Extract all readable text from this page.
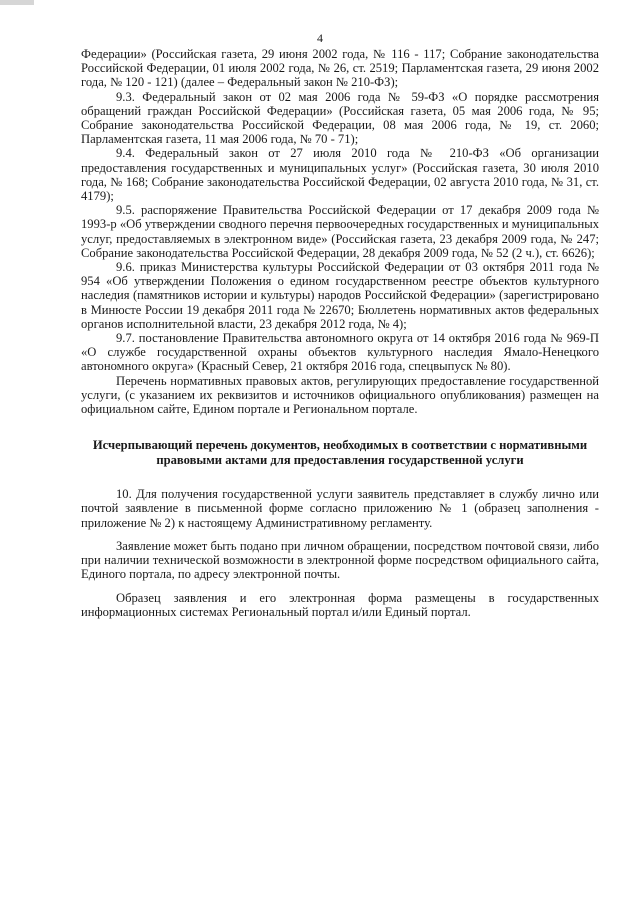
4

Федерации» (Российская газета, 29 июня 2002 года, № 116 - 117; Собрание законодательства Российской Федерации, 01 июля 2002 года, № 26, ст. 2519; Парламентская газета, 29 июня 2002 года, № 120 - 121) (далее – Федеральный закон № 210-ФЗ);

9.3. Федеральный закон от 02 мая 2006 года № 59-ФЗ «О порядке рассмотрения обращений граждан Российской Федерации» (Российская газета, 05 мая 2006 года, № 95; Собрание законодательства Российской Федерации, 08 мая 2006 года, № 19, ст. 2060; Парламентская газета, 11 мая 2006 года, № 70 - 71);

9.4. Федеральный закон от 27 июля 2010 года № 210-ФЗ «Об организации предоставления государственных и муниципальных услуг» (Российская газета, 30 июля 2010 года, № 168; Собрание законодательства Российской Федерации, 02 августа 2010 года, № 31, ст. 4179);

9.5. распоряжение Правительства Российской Федерации от 17 декабря 2009 года № 1993-р «Об утверждении сводного перечня первоочередных государственных и муниципальных услуг, предоставляемых в электронном виде» (Российская газета, 23 декабря 2009 года, № 247; Собрание законодательства Российской Федерации, 28 декабря 2009 года, № 52 (2 ч.), ст. 6626);

9.6. приказ Министерства культуры Российской Федерации от 03 октября 2011 года № 954 «Об утверждении Положения о едином государственном реестре объектов культурного наследия (памятников истории и культуры) народов Российской Федерации» (зарегистрировано в Минюсте России 19 декабря 2011 года № 22670; Бюллетень нормативных актов федеральных органов исполнительной власти, 23 декабря 2012 года, № 4);

9.7. постановление Правительства автономного округа от 14 октября 2016 года № 969-П «О службе государственной охраны объектов культурного наследия Ямало-Ненецкого автономного округа» (Красный Север, 21 октября 2016 года, спецвыпуск № 80).

Перечень нормативных правовых актов, регулирующих предоставление государственной услуги, (с указанием их реквизитов и источников официального опубликования) размещен на официальном сайте, Едином портале и Региональном портале.

Исчерпывающий перечень документов, необходимых в соответствии с нормативными правовыми актами для предоставления государственной услуги

10. Для получения государственной услуги заявитель представляет в службу лично или почтой заявление в письменной форме согласно приложению № 1 (образец заполнения - приложение № 2) к настоящему Административному регламенту.

Заявление может быть подано при личном обращении, посредством почтовой связи, либо при наличии технической возможности в электронной форме посредством официального сайта, Единого портала, по адресу электронной почты.

Образец заявления и его электронная форма размещены в государственных информационных системах Региональный портал и/или Единый портал.
